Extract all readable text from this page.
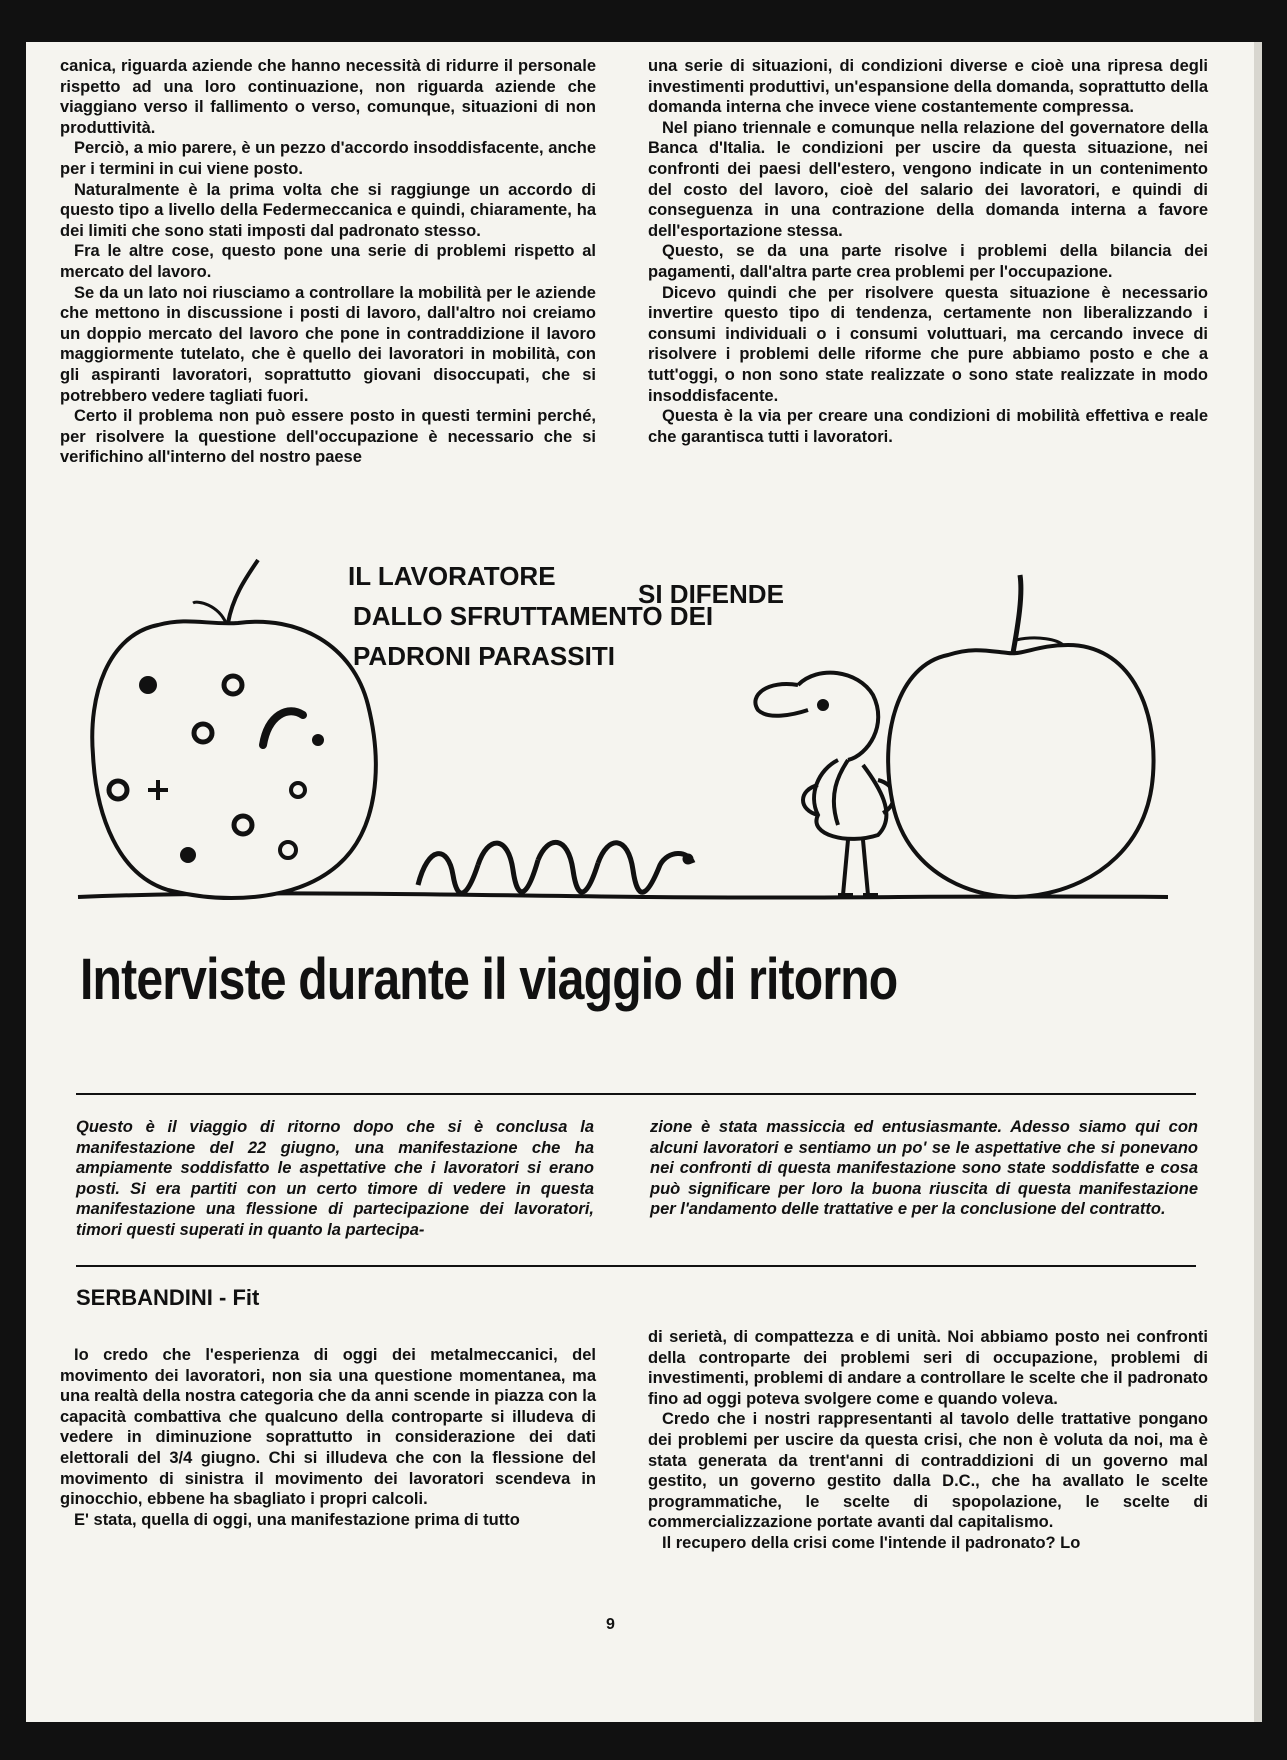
canica, riguarda aziende che hanno necessità di ridurre il personale rispetto ad una loro continuazione, non riguarda aziende che viaggiano verso il fallimento o verso, comunque, situazioni di non produttività.

Perciò, a mio parere, è un pezzo d'accordo insoddisfacente, anche per i termini in cui viene posto.

Naturalmente è la prima volta che si raggiunge un accordo di questo tipo a livello della Federmeccanica e quindi, chiaramente, ha dei limiti che sono stati imposti dal padronato stesso.

Fra le altre cose, questo pone una serie di problemi rispetto al mercato del lavoro.

Se da un lato noi riusciamo a controllare la mobilità per le aziende che mettono in discussione i posti di lavoro, dall'altro noi creiamo un doppio mercato del lavoro che pone in contraddizione il lavoro maggiormente tutelato, che è quello dei lavoratori in mobilità, con gli aspiranti lavoratori, soprattutto giovani disoccupati, che si potrebbero vedere tagliati fuori.

Certo il problema non può essere posto in questi termini perché, per risolvere la questione dell'occupazione è necessario che si verifichino all'interno del nostro paese

una serie di situazioni, di condizioni diverse e cioè una ripresa degli investimenti produttivi, un'espansione della domanda, soprattutto della domanda interna che invece viene costantemente compressa.

Nel piano triennale e comunque nella relazione del governatore della Banca d'Italia. le condizioni per uscire da questa situazione, nei confronti dei paesi dell'estero, vengono indicate in un contenimento del costo del lavoro, cioè del salario dei lavoratori, e quindi di conseguenza in una contrazione della domanda interna a favore dell'esportazione stessa.

Questo, se da una parte risolve i problemi della bilancia dei pagamenti, dall'altra parte crea problemi per l'occupazione.

Dicevo quindi che per risolvere questa situazione è necessario invertire questo tipo di tendenza, certamente non liberalizzando i consumi individuali o i consumi voluttuari, ma cercando invece di risolvere i problemi delle riforme che pure abbiamo posto e che a tutt'oggi, o non sono state realizzate o sono state realizzate in modo insoddisfacente.

Questa è la via per creare una condizioni di mobilità effettiva e reale che garantisca tutti i lavoratori.

IL LAVORATORE
SI DIFENDE
DALLO SFRUTTAMENTO DEI
PADRONI PARASSITI
Interviste durante il viaggio di ritorno
Questo è il viaggio di ritorno dopo che si è conclusa la manifestazione del 22 giugno, una manifestazione che ha ampiamente soddisfatto le aspettative che i lavoratori si erano posti. Si era partiti con un certo timore di vedere in questa manifestazione una flessione di partecipazione dei lavoratori, timori questi superati in quanto la partecipa-
zione è stata massiccia ed entusiasmante. Adesso siamo qui con alcuni lavoratori e sentiamo un po' se le aspettative che si ponevano nei confronti di questa manifestazione sono state soddisfatte e cosa può significare per loro la buona riuscita di questa manifestazione per l'andamento delle trattative e per la conclusione del contratto.
SERBANDINI - Fit

Io credo che l'esperienza di oggi dei metalmeccanici, del movimento dei lavoratori, non sia una questione momentanea, ma una realtà della nostra categoria che da anni scende in piazza con la capacità combattiva che qualcuno della controparte si illudeva di vedere in diminuzione soprattutto in considerazione dei dati elettorali del 3/4 giugno. Chi si illudeva che con la flessione del movimento di sinistra il movimento dei lavoratori scendeva in ginocchio, ebbene ha sbagliato i propri calcoli.

E' stata, quella di oggi, una manifestazione prima di tutto

di serietà, di compattezza e di unità. Noi abbiamo posto nei confronti della controparte dei problemi seri di occupazione, problemi di investimenti, problemi di andare a controllare le scelte che il padronato fino ad oggi poteva svolgere come e quando voleva.

Credo che i nostri rappresentanti al tavolo delle trattative pongano dei problemi per uscire da questa crisi, che non è voluta da noi, ma è stata generata da trent'anni di contraddizioni di un governo mal gestito, un governo gestito dalla D.C., che ha avallato le scelte programmatiche, le scelte di spopolazione, le scelte di commercializzazione portate avanti dal capitalismo.

Il recupero della crisi come l'intende il padronato? Lo

9
